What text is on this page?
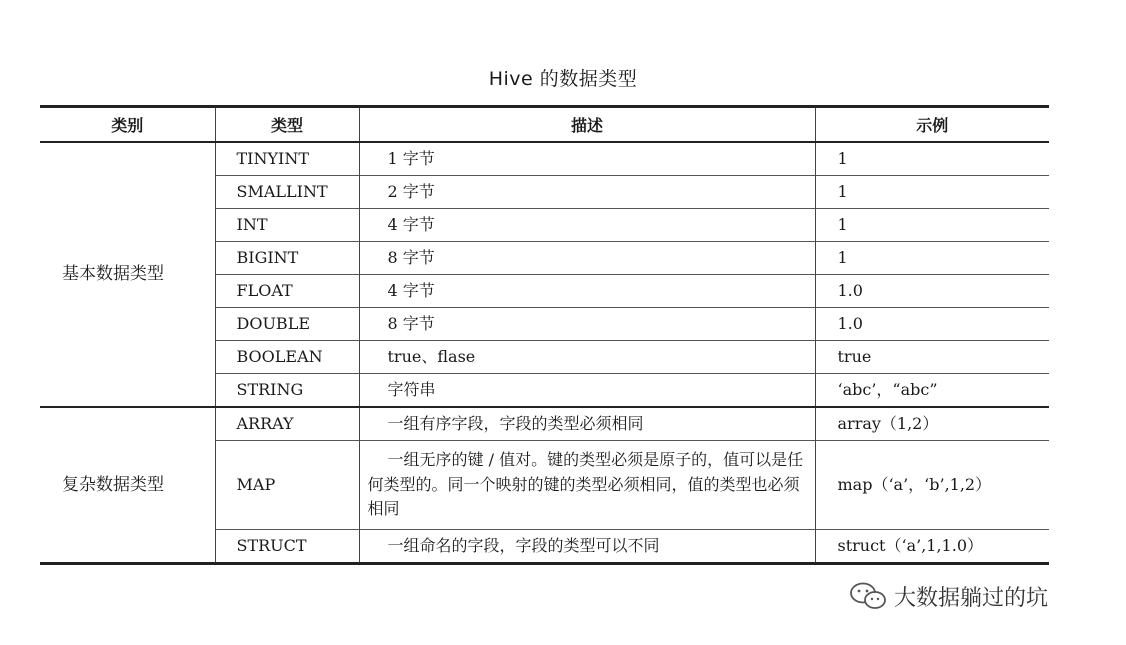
Hive 的数据类型
类别	类型	描述	示例
基本数据类型	TINYINT	1 字节	1
	SMALLINT	2 字节	1
	INT	4 字节	1
	BIGINT	8 字节	1
	FLOAT	4 字节	1.0
	DOUBLE	8 字节	1.0
	BOOLEAN	true、flase	true
	STRING	字符串	‘abc’，“abc”
复杂数据类型	ARRAY	一组有序字段，字段的类型必须相同	array（1,2）
	MAP	一组无序的键 / 值对。键的类型必须是原子的，值可以是任何类型的。同一个映射的键的类型必须相同，值的类型也必须相同	map（‘a’，‘b’,1,2）
	STRUCT	一组命名的字段，字段的类型可以不同	struct（‘a’,1,1.0）
大数据躺过的坑
